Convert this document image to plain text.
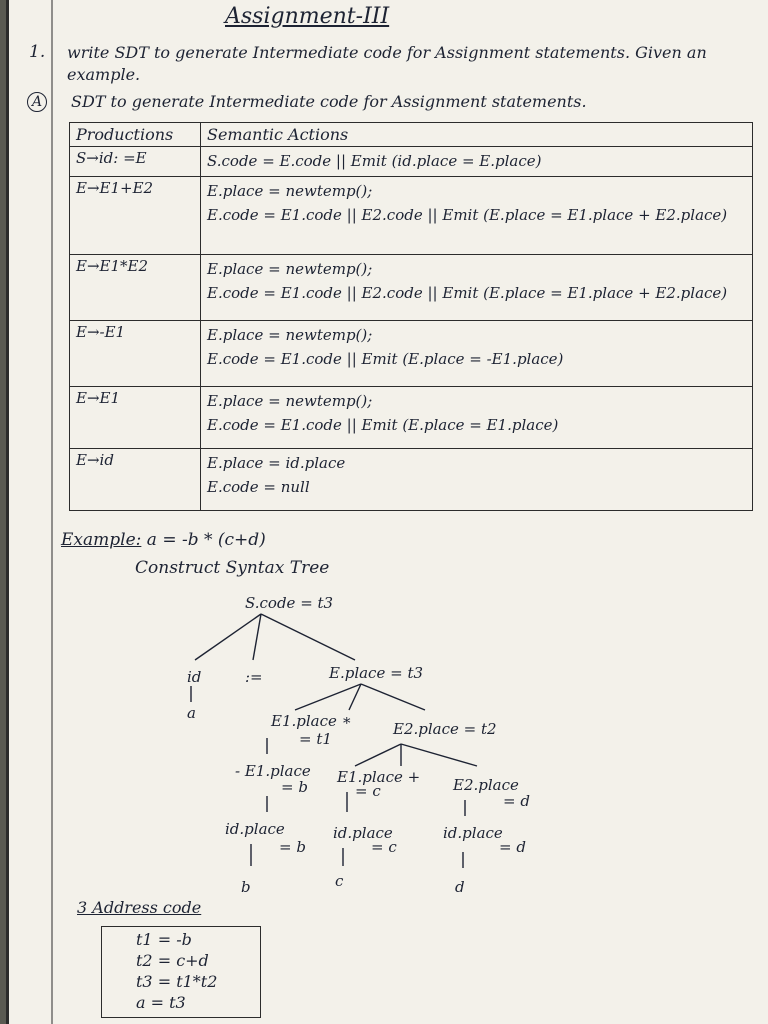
Assignment-III
1. write SDT to generate Intermediate code for Assignment statements. Given an example.
A	SDT to generate Intermediate code for Assignment statements.
Productions	Semantic Actions
S→id: =E	S.code = E.code || Emit (id.place = E.place)

E→E1+E2	E.place = newtemp();
E.code = E1.code || E2.code || Emit (E.place = E1.place + E2.place)

E→E1*E2	E.place = newtemp();
E.code = E1.code || E2.code || Emit (E.place = E1.place + E2.place)

E→-E1	E.place = newtemp();
E.code = E1.code || Emit (E.place = -E1.place)

E→E1	E.place = newtemp();
E.code = E1.code || Emit (E.place = E1.place)

E→id	E.place = id.place
E.code = null
Example: a = -b * (c+d)
Construct Syntax Tree
S.code = t3
id	:=
a
E.place = t3
E1.place
= t1
*	E2.place = t2
- E1.place
= b
E1.place +
= c	E2.place
= d
id.place
= b
id.place
= c
id.place
= d
b	c	d
3 Address code
t1 = -b
t2 = c+d
t3 = t1*t2
a = t3
